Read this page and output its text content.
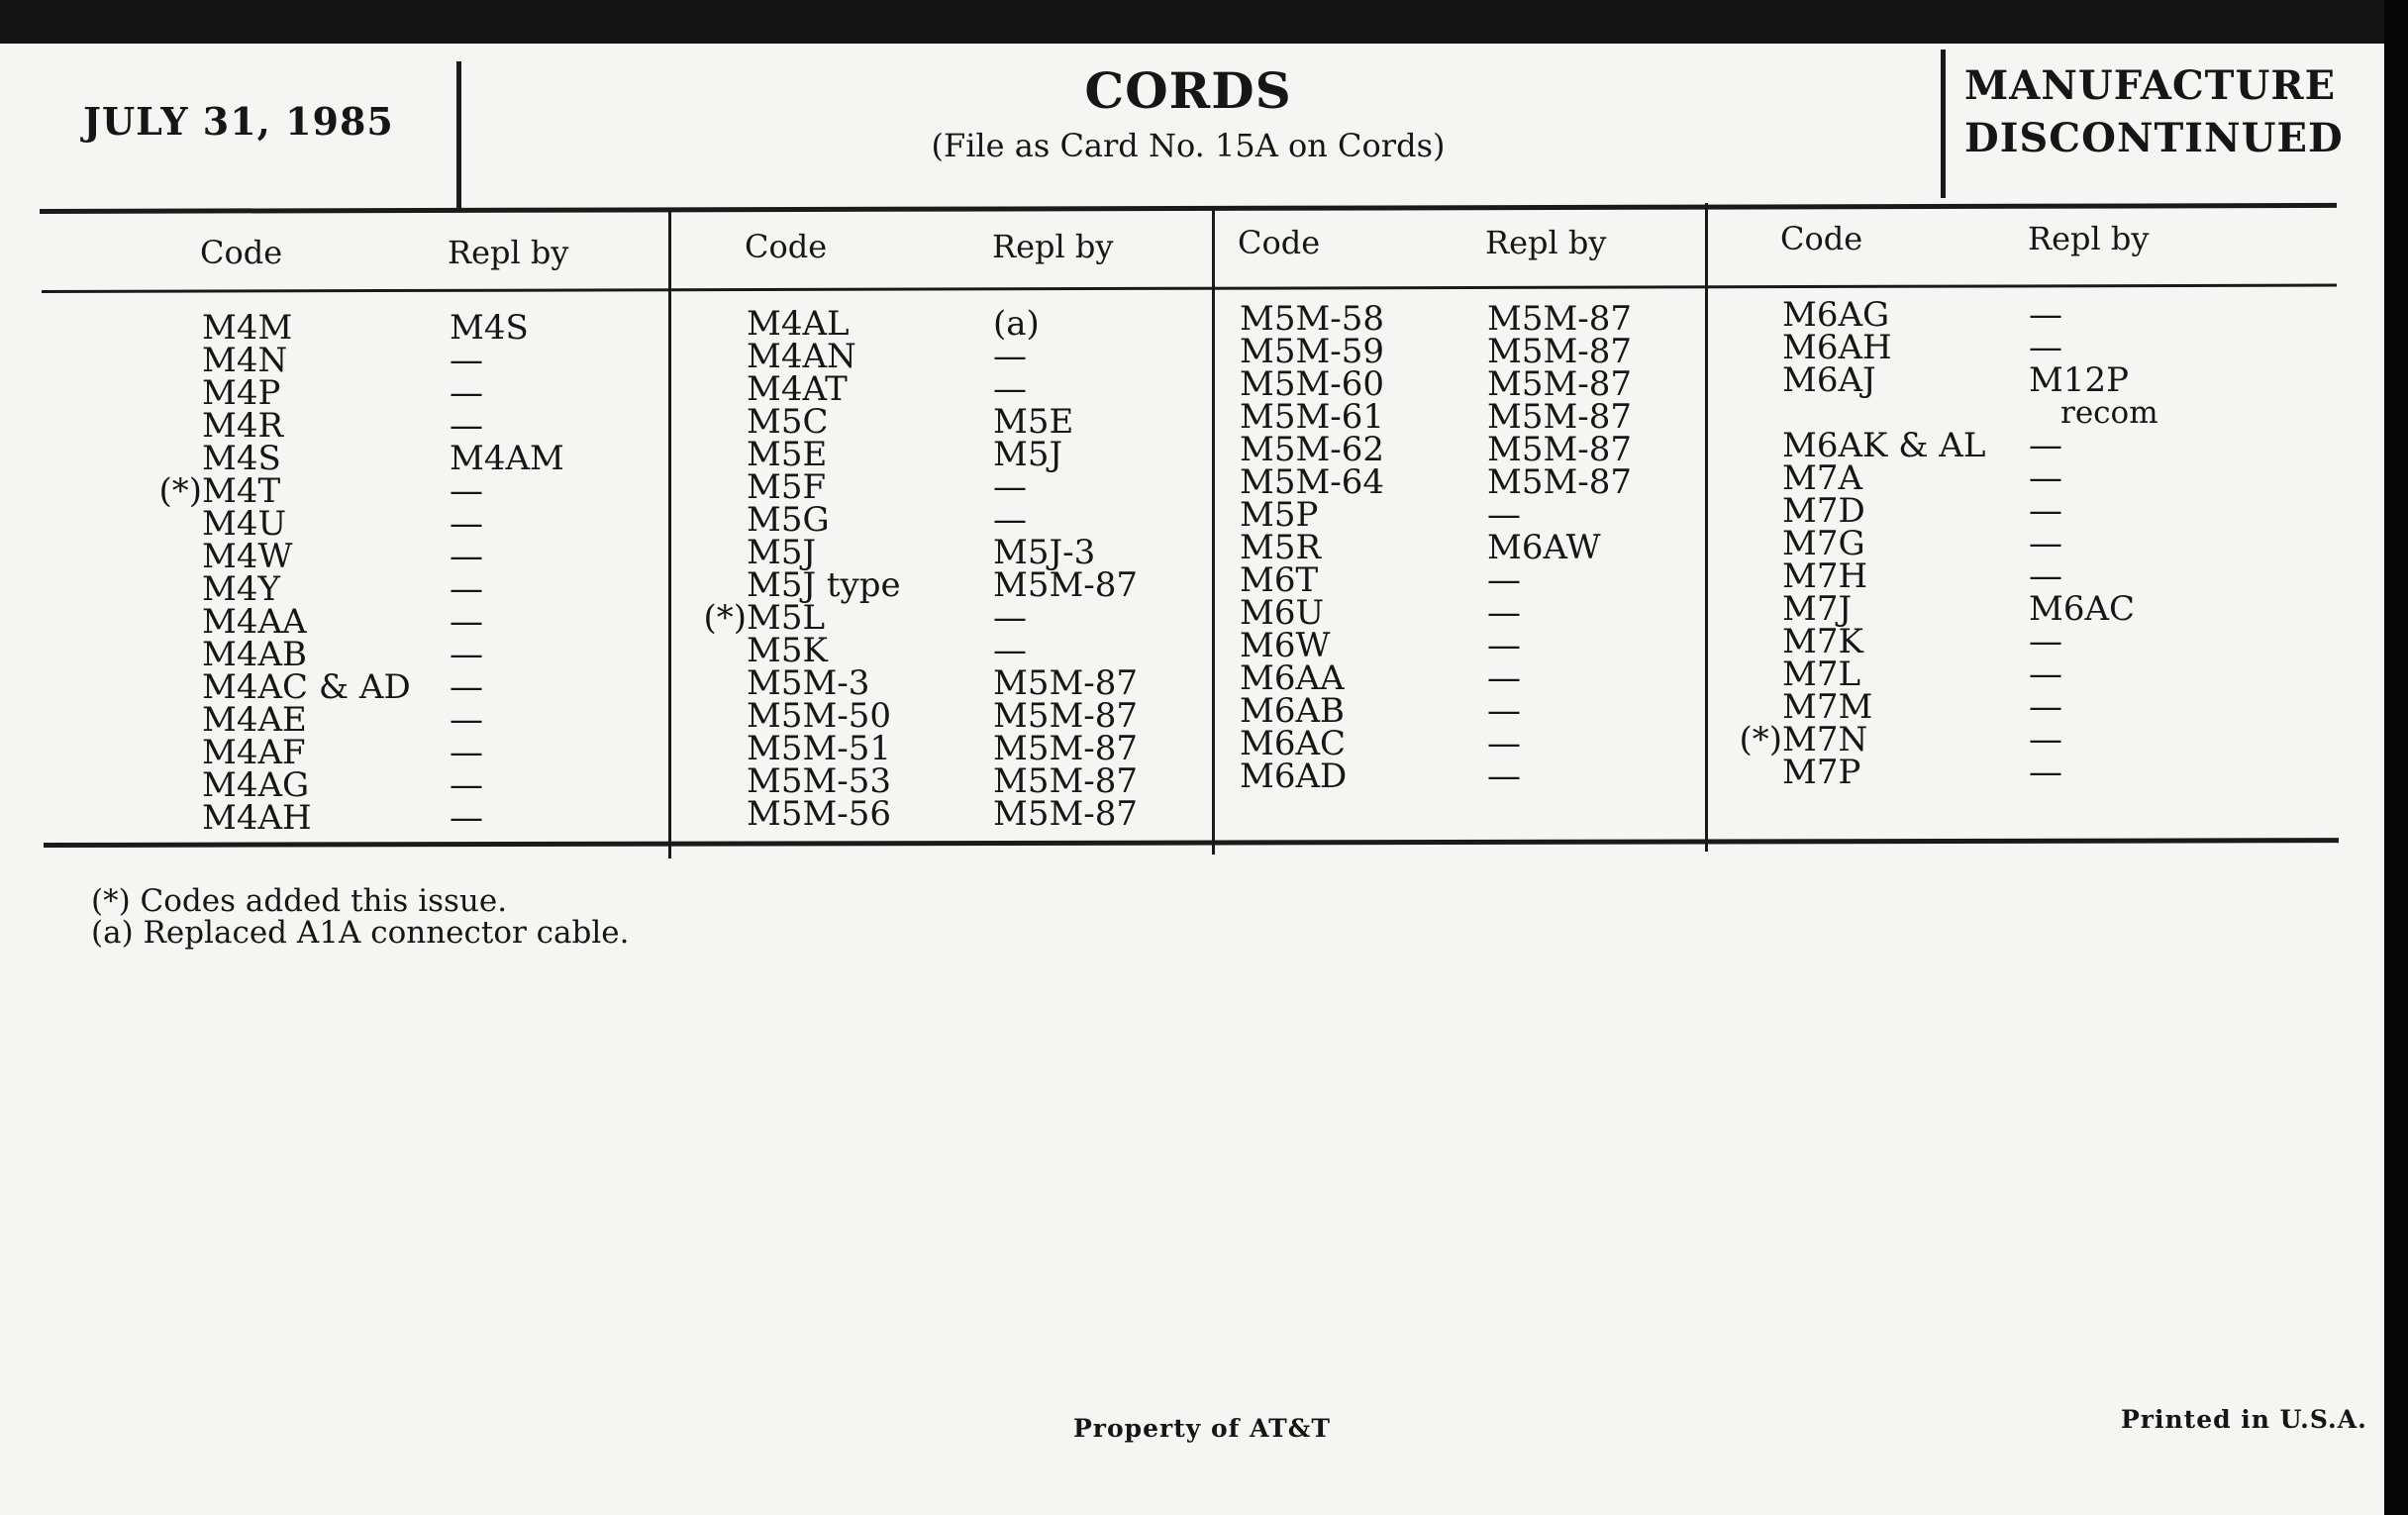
JULY 31, 1985
CORDS
(File as Card No. 15A on Cords)
MANUFACTURE
DISCONTINUED
Code	Repl by
M4M	M4S
M4N	—
M4P	—
M4R	—
M4S	M4AM
(*) M4T	—
M4U	—
M4W	—
M4Y	—
M4AA	—
M4AB	—
M4AC & AD —
M4AE	—
M4AF	—
M4AG	—
M4AH	—
Code	Repl by
M4AL	(a)
M4AN	—
M4AT	—
M5C	M5E
M5E	M5J
M5F	—
M5G	—
M5J	M5J-3
M5J type	M5M-87
(*) M5L	—
M5K	—
M5M-3	M5M-87
M5M-50	M5M-87
M5M-51	M5M-87
M5M-53	M5M-87
M5M-56	M5M-87
Code	Repl by
M5M-58	M5M-87
M5M-59	M5M-87
M5M-60	M5M-87
M5M-61	M5M-87
M5M-62	M5M-87
M5M-64	M5M-87
M5P	—
M5R	M6AW
M6T	—
M6U	—
M6W	—
M6AA	—
M6AB	—
M6AC	—
M6AD	—
Code	Repl by
M6AG	—
M6AH	—
M6AJ	M12P
recom
M6AK & AL —
M7A	—
M7D	—
M7G	—
M7H	—
M7J	M6AC
M7K	—
M7L	—
M7M	—
(*) M7N	—
M7P	—
(*) Codes added this issue.
(a) Replaced A1A connector cable.
Property of AT&T	Printed in U.S.A.
